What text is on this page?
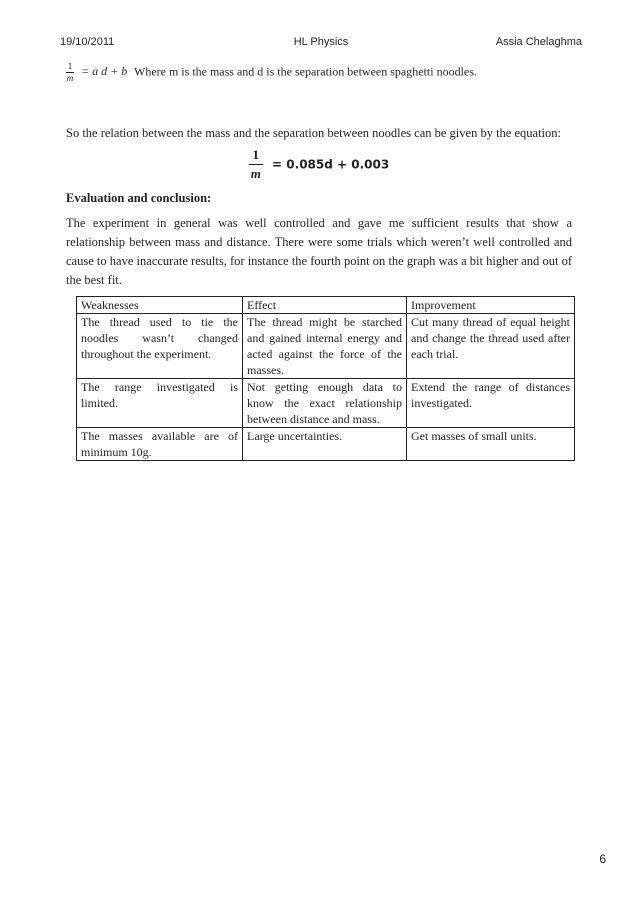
19/10/2011	HL Physics	Assia Chelaghma
$\frac{1}{m} = a$ d + b Where m is the mass and d is the separation between spaghetti noodles.
So the relation between the mass and the separation between noodles can be given by the equation:
$\frac{1}{m} = 0.085d + 0.003$
Evaluation and conclusion:
The experiment in general was well controlled and gave me sufficient results that show a relationship between mass and distance. There were some trials which weren’t well controlled and cause to have inaccurate results, for instance the fourth point on the graph was a bit higher and out of the best fit.
Weaknesses	Effect	Improvement
The thread used to tie the noodles wasn’t changed throughout the experiment.	The thread might be starched and gained internal energy and acted against the force of the masses.	Cut many thread of equal height and change the thread used after each trial.
The range investigated is limited.	Not getting enough data to know the exact relationship between distance and mass.	Extend the range of distances investigated.
The masses available are of minimum 10g.	Large uncertainties.	Get masses of small units.
6
